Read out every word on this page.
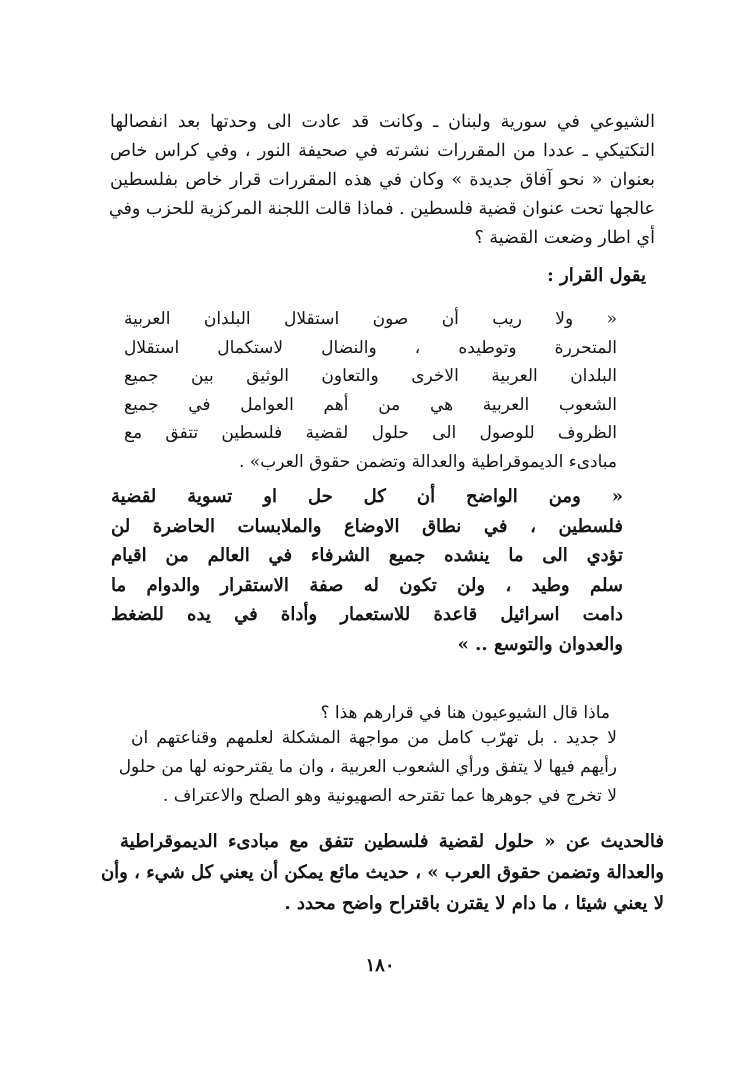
الشيوعي في سورية ولبنان ـ وكانت قد عادت الى وحدتها بعد انفصالها
التكتيكي ـ عددا من المقررات نشرته في صحيفة النور ، وفي كراس خاص
بعنوان « نحو آفاق جديدة » وكان في هذه المقررات قرار خاص بفلسطين
عالجها تحت عنوان قضية فلسطين . فماذا قالت اللجنة المركزية للحزب وفي
أي اطار وضعت القضية ؟
يقول القرار :
« ولا ريب أن صون استقلال البلدان العربية
المتحررة وتوطيده ، والنضال لاستكمال استقلال
البلدان العربية الاخرى والتعاون الوثيق بين جميع
الشعوب العربية هي من أهم العوامل في جميع
الظروف للوصول الى حلول لقضية فلسطين تتفق مع
مبادىء الديموقراطية والعدالة وتضمن حقوق العرب» .
« ومن الواضح أن كل حل او تسوية لقضية
فلسطين ، في نطاق الاوضاع والملابسات الحاضرة لن
تؤدي الى ما ينشده جميع الشرفاء في العالم من اقيام
سلم وطيد ، ولن تكون له صفة الاستقرار والدوام ما
دامت اسرائيل قاعدة للاستعمار وأداة في يده للضغط
والعدوان والتوسع .. »
ماذا قال الشيوعيون هنا في قرارهم هذا ؟
لا جديد . بل تهرّب كامل من مواجهة المشكلة لعلمهم وقناعتهم ان
رأيهم فيها لا يتفق ورأي الشعوب العربية ، وان ما يقترحونه لها من حلول
لا تخرج في جوهرها عما تقترحه الصهيونية وهو الصلح والاعتراف .
فالحديث عن « حلول لقضية فلسطين تتفق مع مبادىء الديموقراطية
والعدالة وتضمن حقوق العرب » ، حديث مائع يمكن أن يعني كل شيء ، وأن
لا يعني شيئا ، ما دام لا يقترن باقتراح واضح محدد .
١٨٠
